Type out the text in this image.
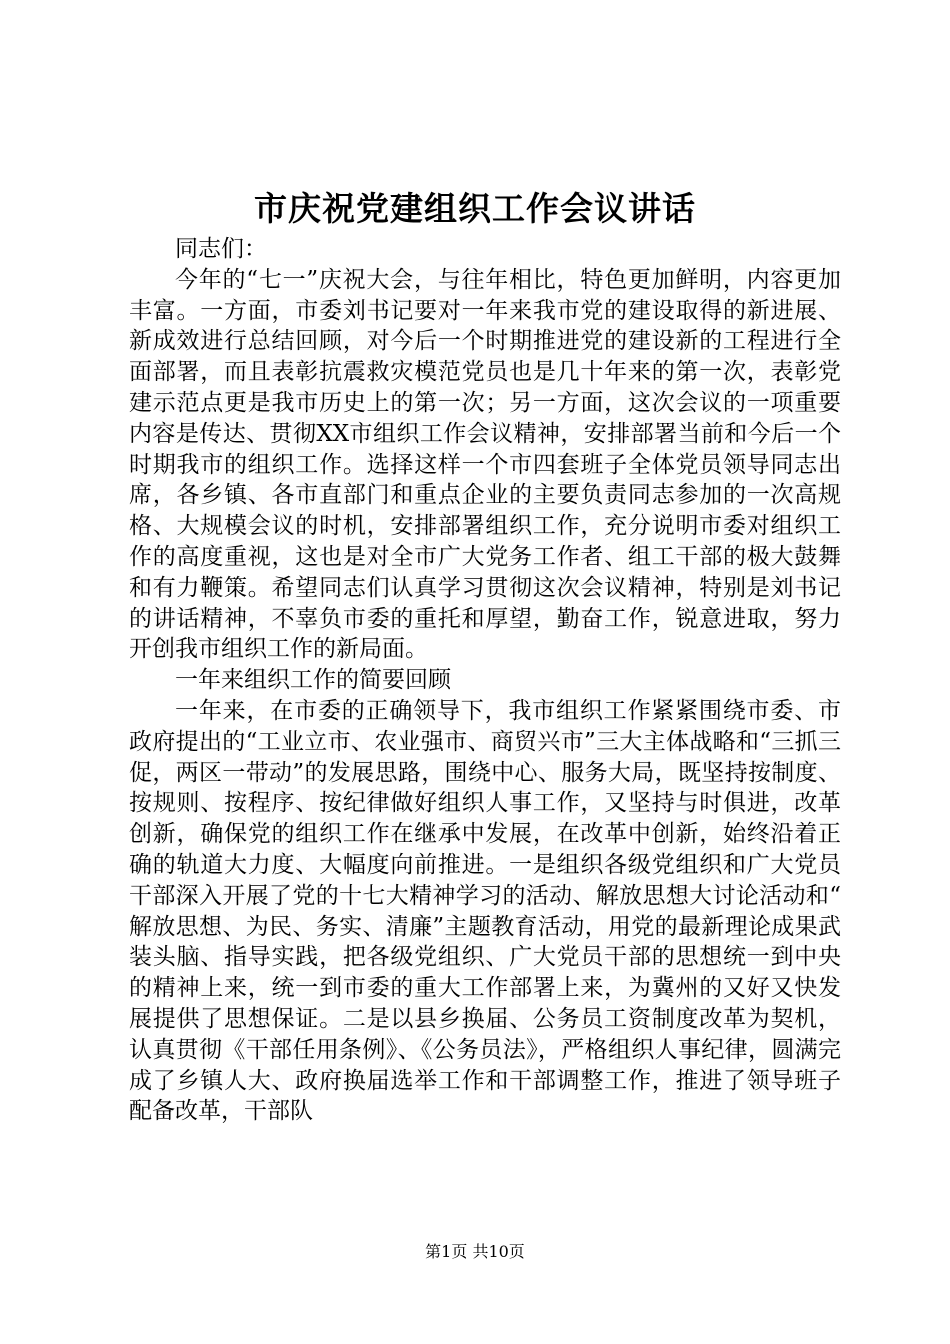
市庆祝党建组织工作会议讲话

同志们：

今年的“七一”庆祝大会，与往年相比，特色更加鲜明，内容更加丰富。一方面，市委刘书记要对一年来我市党的建设取得的新进展、新成效进行总结回顾，对今后一个时期推进党的建设新的工程进行全面部署，而且表彰抗震救灾模范党员也是几十年来的第一次，表彰党建示范点更是我市历史上的第一次；另一方面，这次会议的一项重要内容是传达、贯彻XX市组织工作会议精神，安排部署当前和今后一个时期我市的组织工作。选择这样一个市四套班子全体党员领导同志出席，各乡镇、各市直部门和重点企业的主要负责同志参加的一次高规格、大规模会议的时机，安排部署组织工作，充分说明市委对组织工作的高度重视，这也是对全市广大党务工作者、组工干部的极大鼓舞和有力鞭策。希望同志们认真学习贯彻这次会议精神，特别是刘书记的讲话精神，不辜负市委的重托和厚望，勤奋工作，锐意进取，努力开创我市组织工作的新局面。

一年来组织工作的简要回顾

一年来，在市委的正确领导下，我市组织工作紧紧围绕市委、市政府提出的“工业立市、农业强市、商贸兴市”三大主体战略和“三抓三促，两区一带动”的发展思路，围绕中心、服务大局，既坚持按制度、按规则、按程序、按纪律做好组织人事工作，又坚持与时俱进，改革创新，确保党的组织工作在继承中发展，在改革中创新，始终沿着正确的轨道大力度、大幅度向前推进。一是组织各级党组织和广大党员干部深入开展了党的十七大精神学习的活动、解放思想大讨论活动和“解放思想、为民、务实、清廉”主题教育活动，用党的最新理论成果武装头脑、指导实践，把各级党组织、广大党员干部的思想统一到中央的精神上来，统一到市委的重大工作部署上来，为冀州的又好又快发展提供了思想保证。二是以县乡换届、公务员工资制度改革为契机，认真贯彻《干部任用条例》、《公务员法》，严格组织人事纪律，圆满完成了乡镇人大、政府换届选举工作和干部调整工作，推进了领导班子配备改革，干部队

第1页 共10页
